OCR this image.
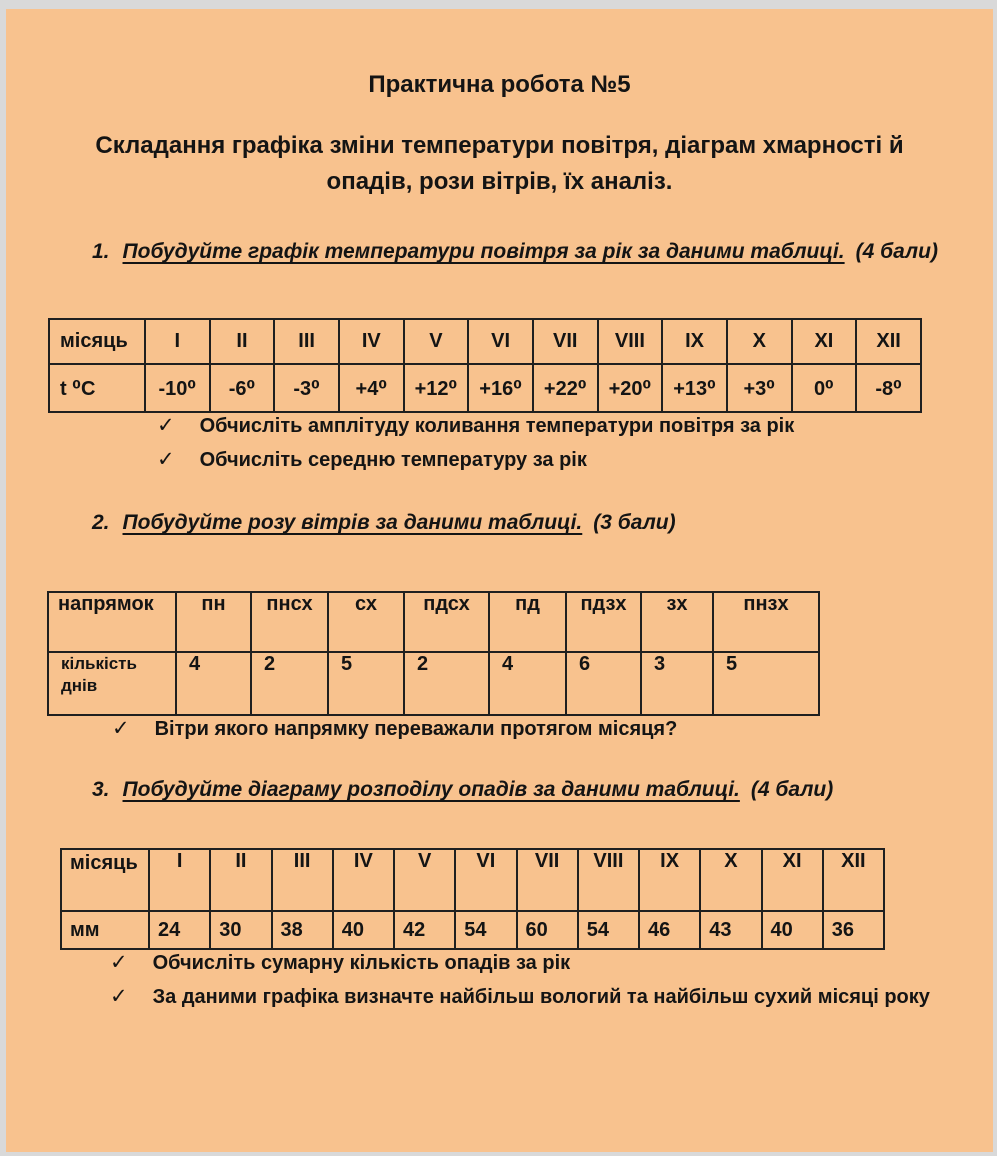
Практична робота №5
Складання графіка зміни температури повітря, діаграм хмарності й опадів, рози вітрів, їх аналіз.
1. Побудуйте графік температури повітря за рік за даними таблиці. (4 бали)
місяць	I	II	III	IV	V	VI	VII	VIII	IX	X	XI	XII
t ⁰C	-10⁰	-6⁰	-3⁰	+4⁰	+12⁰	+16⁰	+22⁰	+20⁰	+13⁰	+3⁰	0⁰	-8⁰
✓ Обчисліть амплітуду коливання температури повітря за рік
✓ Обчисліть середню температуру за рік
2. Побудуйте розу вітрів за даними таблиці. (3 бали)
напрямок	пн	пнсх	сх	пдсх	пд	пдзх	зх	пнзх
кількість днів	4	2	5	2	4	6	3	5
✓ Вітри якого напрямку переважали протягом місяця?
3. Побудуйте діаграму розподілу опадів за даними таблиці. (4 бали)
місяць	I	II	III	IV	V	VI	VII	VIII	IX	X	XI	XII
мм	24	30	38	40	42	54	60	54	46	43	40	36
✓ Обчисліть сумарну кількість опадів за рік
✓ За даними графіка визначте найбільш вологий та найбільш сухий місяці року
